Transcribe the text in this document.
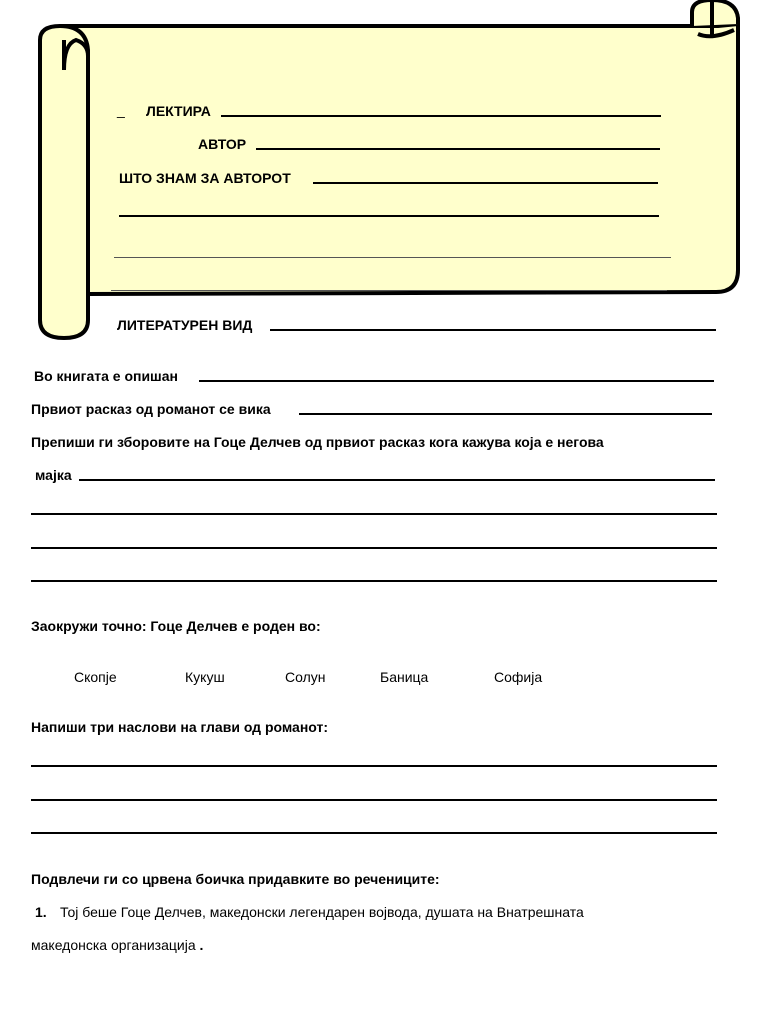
_ ЛЕКТИРА
АВТОР
ШТО ЗНАМ ЗА АВТОРОТ
ЛИТЕРАТУРЕН ВИД
Во книгата е опишан
Првиот расказ од романот се вика
Препиши ги зборовите на Гоце Делчев од првиот расказ кога кажува која е негова
мајка
Заокружи точно: Гоце Делчев е роден во:
Скопје	Кукуш	Солун	Баница	Софија
Напиши три наслови на глави од романот:
Подвлечи ги со црвена боичка придавките во речениците:
1. Тој беше Гоце Делчев, македонски легендарен војвода, душата на Внатрешната
македонска организација .
